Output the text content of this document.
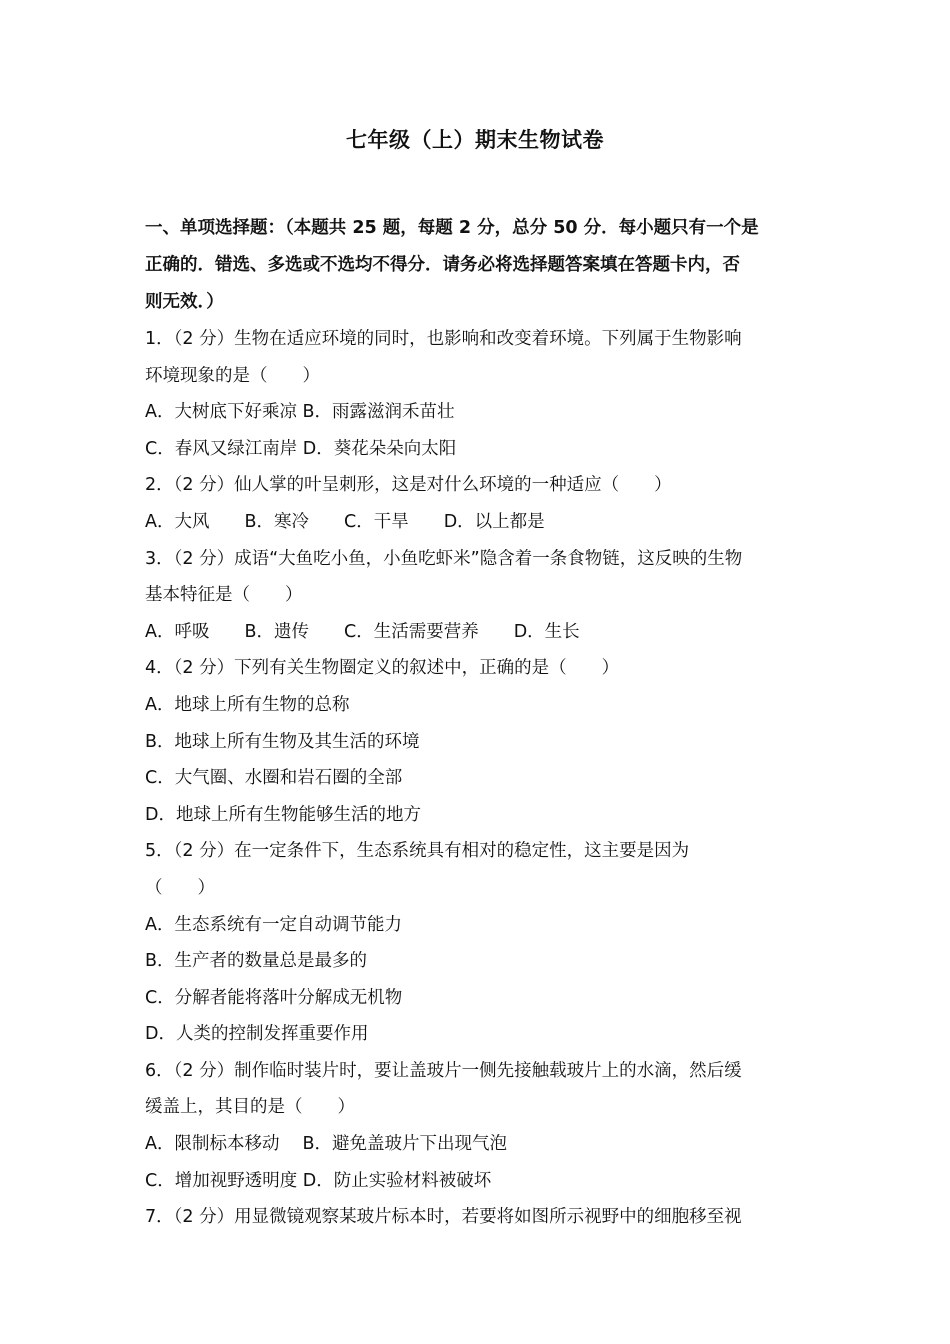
七年级（上）期末生物试卷

一、单项选择题：（本题共 25 题，每题 2 分，总分 50 分．每小题只有一个是

正确的．错选、多选或不选均不得分．请务必将选择题答案填在答题卡内，否

则无效．）

1．（2 分）生物在适应环境的同时，也影响和改变着环境。下列属于生物影响

环境现象的是（　　）

A．大树底下好乘凉 B．雨露滋润禾苗壮

C．春风又绿江南岸 D．葵花朵朵向太阳

2．（2 分）仙人掌的叶呈刺形，这是对什么环境的一种适应（　　）

A．大风　　B．寒冷　　C．干旱　　D．以上都是

3．（2 分）成语“大鱼吃小鱼，小鱼吃虾米”隐含着一条食物链，这反映的生物

基本特征是（　　）

A．呼吸　　B．遗传　　C．生活需要营养　　D．生长

4．（2 分）下列有关生物圈定义的叙述中，正确的是（　　）

A．地球上所有生物的总称

B．地球上所有生物及其生活的环境

C．大气圈、水圈和岩石圈的全部

D．地球上所有生物能够生活的地方

5．（2 分）在一定条件下，生态系统具有相对的稳定性，这主要是因为

（　　）

A．生态系统有一定自动调节能力

B．生产者的数量总是最多的

C．分解者能将落叶分解成无机物

D．人类的控制发挥重要作用

6．（2 分）制作临时装片时，要让盖玻片一侧先接触载玻片上的水滴，然后缓

缓盖上，其目的是（　　）

A．限制标本移动　 B．避免盖玻片下出现气泡

C．增加视野透明度 D．防止实验材料被破坏

7．（2 分）用显微镜观察某玻片标本时，若要将如图所示视野中的细胞移至视
